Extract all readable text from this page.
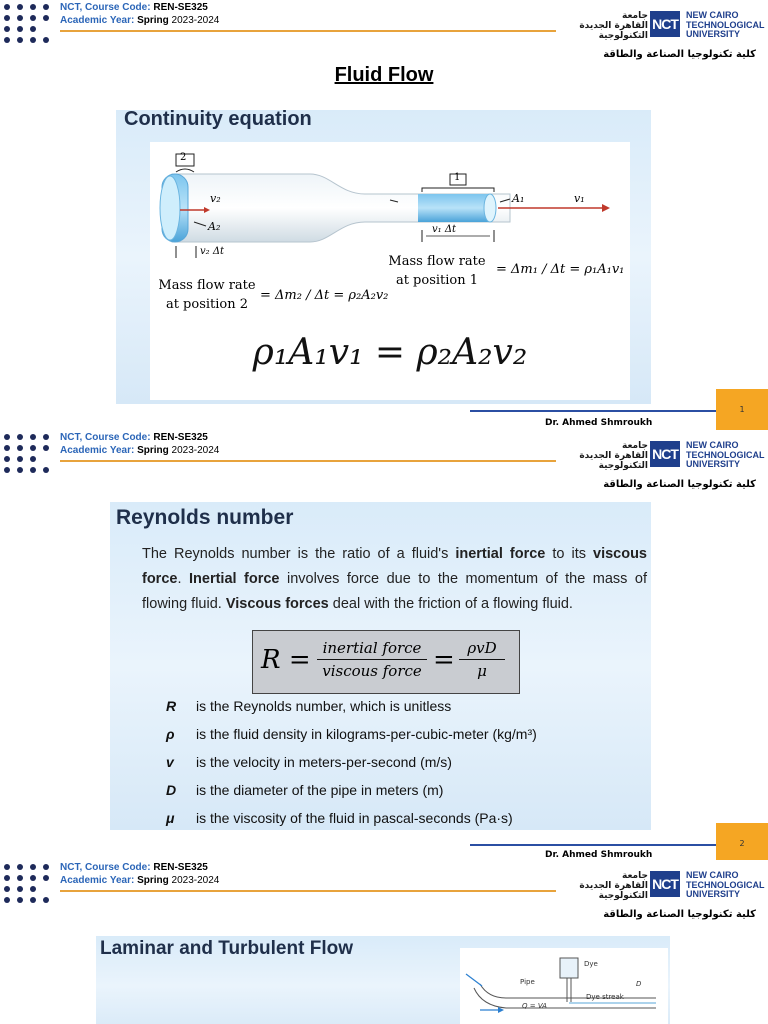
NCT, Course Code: REN-SE325
Academic Year: Spring 2023-2024	جامعة
القاهرة الجديدة
التكنولوجية
NCT
NEW CAIRO
TECHNOLOGICAL
UNIVERSITY
كلية تكنولوجيا الصناعة والطاقة
Fluid Flow
Continuity equation
2
1
v₂
A₂
A₁	v₁
v₂ Δt
v₁ Δt
Mass flow rate
at position 1
= Δm₁ / Δt = ρ₁A₁v₁
Mass flow rate
at position 2
= Δm₂ / Δt = ρ₂A₂v₂
ρ₁A₁v₁ = ρ₂A₂v₂
Dr. Ahmed Shmroukh
1
NCT, Course Code: REN-SE325
Academic Year: Spring 2023-2024	جامعة
القاهرة الجديدة
التكنولوجية
NCT
NEW CAIRO
TECHNOLOGICAL
UNIVERSITY
كلية تكنولوجيا الصناعة والطاقة
Reynolds number
The Reynolds number is the ratio of a fluid's inertial force to its viscous force. Inertial force involves force due to the momentum of the mass of flowing fluid. Viscous forces deal with the friction of a flowing fluid.
R = inertial force
viscous force = ρvD
μ
R is the Reynolds number, which is unitless
ρ is the fluid density in kilograms-per-cubic-meter (kg/m³)
v is the velocity in meters-per-second (m/s)
D is the diameter of the pipe in meters (m)
μ is the viscosity of the fluid in pascal-seconds (Pa·s)
Dr. Ahmed Shmroukh
2
NCT, Course Code: REN-SE325
Academic Year: Spring 2023-2024	جامعة
القاهرة الجديدة
التكنولوجية
NCT
NEW CAIRO
TECHNOLOGICAL
UNIVERSITY
كلية تكنولوجيا الصناعة والطاقة
Laminar and Turbulent Flow
Pipe
Dye
D
Q = VA
Dye streak
